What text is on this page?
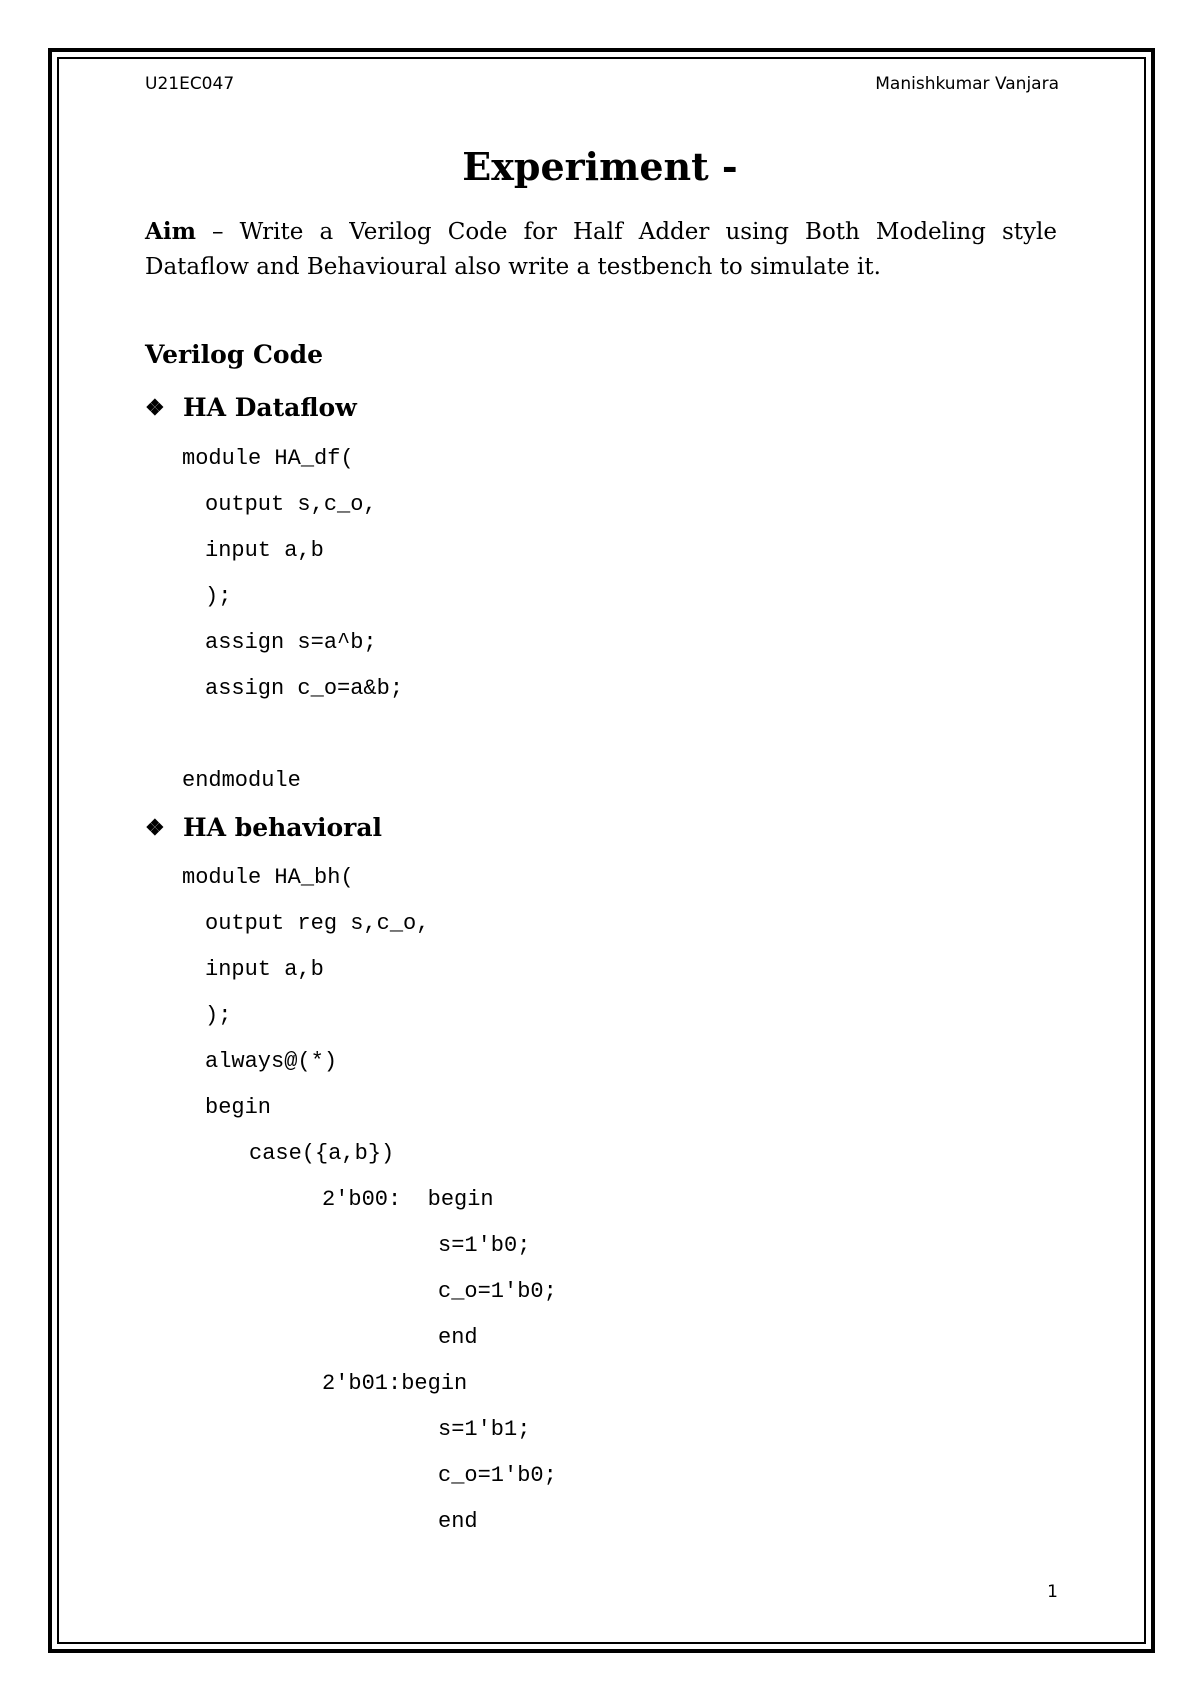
U21EC047	Manishkumar Vanjara
Experiment -
Aim – Write a Verilog Code for Half Adder using Both Modeling style Dataflow and Behavioural also write a testbench to simulate it.
Verilog Code
❖ HA Dataflow
module HA_df(
output s,c_o,
input a,b
);
assign s=a^b;
assign c_o=a&b;
endmodule
❖ HA behavioral
module HA_bh(
output reg s,c_o,
input a,b
);
always@(*)
begin
case({a,b})
2'b00:  begin
s=1'b0;
c_o=1'b0;
end
2'b01:begin
s=1'b1;
c_o=1'b0;
end
1
